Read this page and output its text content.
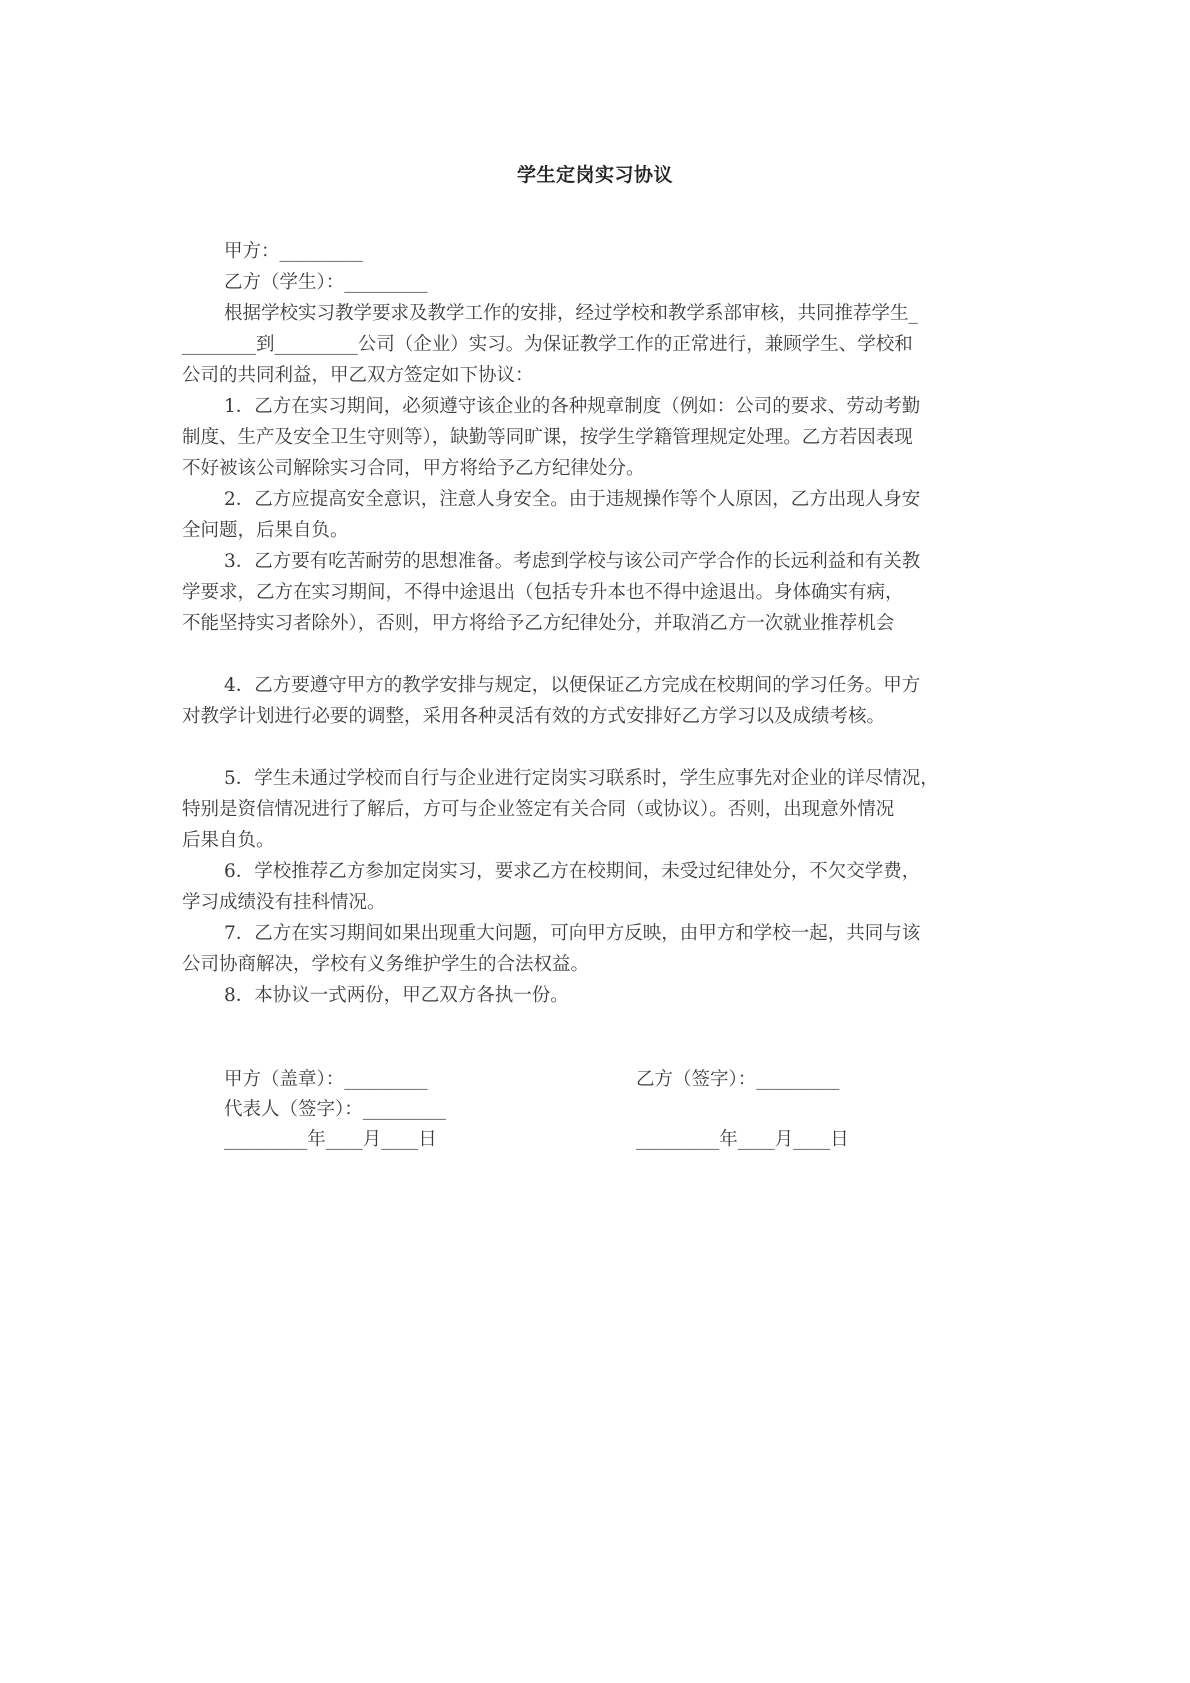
学生定岗实习协议
甲方：_________
乙方（学生）：_________
根据学校实习教学要求及教学工作的安排，经过学校和教学系部审核，共同推荐学生_
________到_________公司（企业）实习。为保证教学工作的正常进行，兼顾学生、学校和
公司的共同利益，甲乙双方签定如下协议：
1．乙方在实习期间，必须遵守该企业的各种规章制度（例如：公司的要求、劳动考勤
制度、生产及安全卫生守则等），缺勤等同旷课，按学生学籍管理规定处理。乙方若因表现
不好被该公司解除实习合同，甲方将给予乙方纪律处分。
2．乙方应提高安全意识，注意人身安全。由于违规操作等个人原因，乙方出现人身安
全问题，后果自负。
3．乙方要有吃苦耐劳的思想准备。考虑到学校与该公司产学合作的长远利益和有关教
学要求，乙方在实习期间，不得中途退出（包括专升本也不得中途退出。身体确实有病，
不能坚持实习者除外），否则，甲方将给予乙方纪律处分，并取消乙方一次就业推荐机会
4．乙方要遵守甲方的教学安排与规定，以便保证乙方完成在校期间的学习任务。甲方
对教学计划进行必要的调整，采用各种灵活有效的方式安排好乙方学习以及成绩考核。
5．学生未通过学校而自行与企业进行定岗实习联系时，学生应事先对企业的详尽情况，
特别是资信情况进行了解后，方可与企业签定有关合同（或协议）。否则，出现意外情况
后果自负。
6．学校推荐乙方参加定岗实习，要求乙方在校期间，未受过纪律处分，不欠交学费，
学习成绩没有挂科情况。
7．乙方在实习期间如果出现重大问题，可向甲方反映，由甲方和学校一起，共同与该
公司协商解决，学校有义务维护学生的合法权益。
8．本协议一式两份，甲乙双方各执一份。
甲方（盖章）：_________
代表人（签字）：_________
_________年____月____日
乙方（签字）：_________
_________年____月____日
